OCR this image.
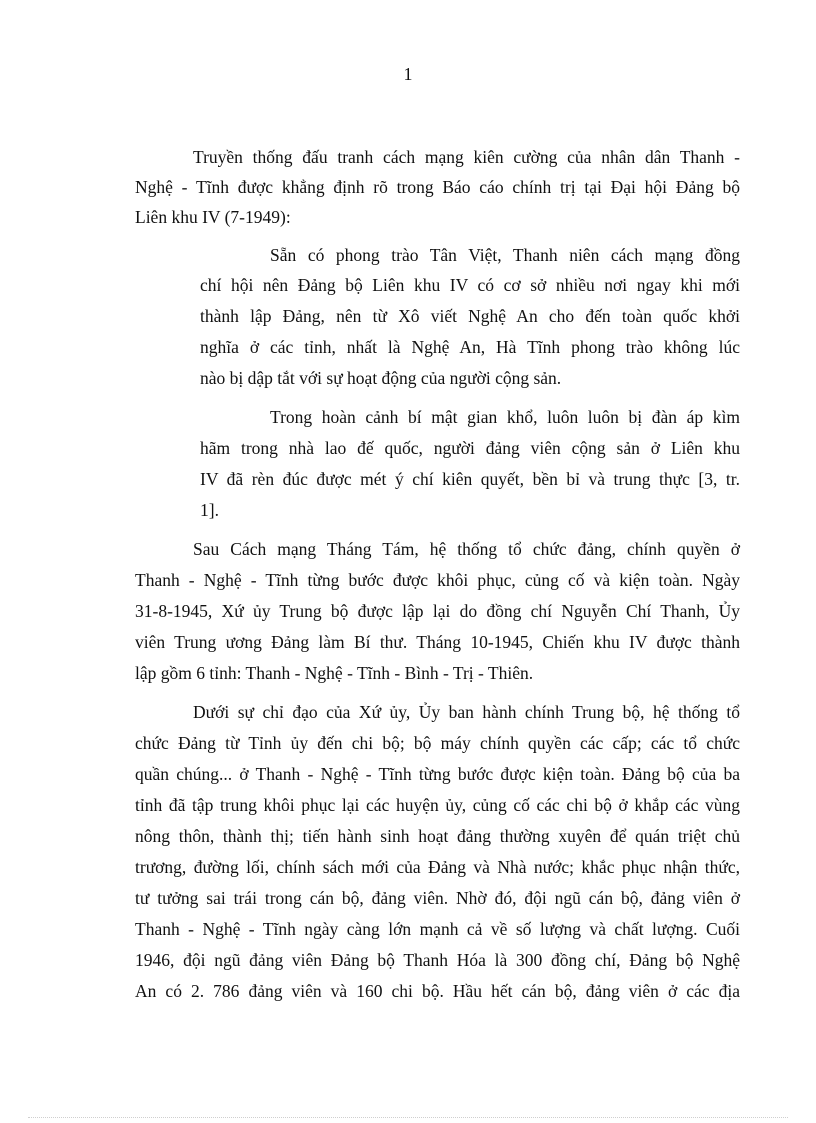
1
Truyền thống đấu tranh cách mạng kiên cường của nhân dân Thanh -
Nghệ - Tĩnh được khẳng định rõ trong Báo cáo chính trị tại Đại hội Đảng bộ
Liên khu IV (7-1949):
Sẵn có phong trào Tân Việt, Thanh niên cách mạng đồng
chí hội nên Đảng bộ Liên khu IV có cơ sở nhiều nơi ngay khi mới
thành lập Đảng, nên từ Xô viết Nghệ An cho đến toàn quốc khởi
nghĩa ở các tỉnh, nhất là Nghệ An, Hà Tĩnh phong trào không lúc
nào bị dập tắt với sự hoạt động của người cộng sản.
Trong hoàn cảnh bí mật gian khổ, luôn luôn bị đàn áp kìm
hãm trong nhà lao đế quốc, người đảng viên cộng sản ở Liên khu
IV đã rèn đúc được mét ý chí kiên quyết, bền bỉ và trung thực [3, tr.
1].
Sau Cách mạng Tháng Tám, hệ thống tổ chức đảng, chính quyền ở
Thanh - Nghệ - Tĩnh từng bước được khôi phục, củng cố và kiện toàn. Ngày
31-8-1945, Xứ ủy Trung bộ được lập lại do đồng chí Nguyễn Chí Thanh, Ủy
viên Trung ương Đảng làm Bí thư. Tháng 10-1945, Chiến khu IV được thành
lập gồm 6 tỉnh: Thanh - Nghệ - Tĩnh - Bình - Trị - Thiên.
Dưới sự chỉ đạo của Xứ ủy, Ủy ban hành chính Trung bộ, hệ thống tổ
chức Đảng từ Tỉnh ủy đến chi bộ; bộ máy chính quyền các cấp; các tổ chức
quần chúng... ở Thanh - Nghệ - Tĩnh từng bước được kiện toàn. Đảng bộ của ba
tỉnh đã tập trung khôi phục lại các huyện ủy, củng cố các chi bộ ở khắp các vùng
nông thôn, thành thị; tiến hành sinh hoạt đảng thường xuyên để quán triệt chủ
trương, đường lối, chính sách mới của Đảng và Nhà nước; khắc phục nhận thức,
tư tưởng sai trái trong cán bộ, đảng viên. Nhờ đó, đội ngũ cán bộ, đảng viên ở
Thanh - Nghệ - Tĩnh ngày càng lớn mạnh cả về số lượng và chất lượng. Cuối
1946, đội ngũ đảng viên Đảng bộ Thanh Hóa là 300 đồng chí, Đảng bộ Nghệ
An có 2. 786 đảng viên và 160 chi bộ. Hầu hết cán bộ, đảng viên ở các địa
